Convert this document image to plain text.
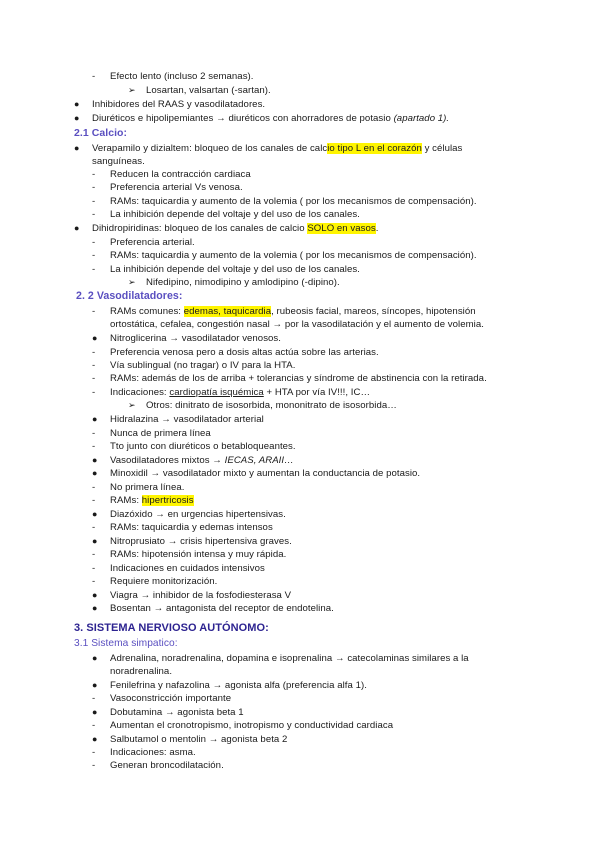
- Efecto lento (incluso 2 semanas).
➢ Losartan, valsartan (-sartan).
● Inhibidores del RAAS y vasodilatadores.
● Diuréticos e hipolipemiantes → diuréticos con ahorradores de potasio (apartado 1).
2.1 Calcio:
● Verapamilo y dizialtem: bloqueo de los canales de calcio tipo L en el corazón y células
sanguíneas.
- Reducen la contracción cardiaca
- Preferencia arterial Vs venosa.
- RAMs: taquicardia y aumento de la volemia ( por los mecanismos de compensación).
- La inhibición depende del voltaje y del uso de los canales.
● Dihidropiridinas: bloqueo de los canales de calcio SOLO en vasos.
- Preferencia arterial.
- RAMs: taquicardia y aumento de la volemia ( por los mecanismos de compensación).
- La inhibición depende del voltaje y del uso de los canales.
➢ Nifedipino, nimodipino y amlodipino (-dipino).
2. 2 Vasodilatadores:
- RAMs comunes: edemas, taquicardia, rubeosis facial, mareos, síncopes, hipotensión
ortostática, cefalea, congestión nasal → por la vasodilatación y el aumento de volemia.
● Nitroglicerina → vasodilatador venosos.
- Preferencia venosa pero a dosis altas actúa sobre las arterias.
- Vía sublingual (no tragar) o IV para la HTA.
- RAMs: además de los de arriba + tolerancias y síndrome de abstinencia con la retirada.
- Indicaciones: cardiopatía isquémica + HTA por vía IV!!!, IC…
➢ Otros: dinitrato de isosorbida, mononitrato de isosorbida…
● Hidralazina → vasodilatador arterial
- Nunca de primera línea
- Tto junto con diuréticos o betabloqueantes.
● Vasodilatadores mixtos → IECAS, ARAII…
● Minoxidil → vasodilatador mixto y aumentan la conductancia de potasio.
- No primera línea.
- RAMs: hipertricosis
● Diazóxido → en urgencias hipertensivas.
- RAMs: taquicardia y edemas intensos
● Nitroprusiato → crisis hipertensiva graves.
- RAMs: hipotensión intensa y muy rápida.
- Indicaciones en cuidados intensivos
- Requiere monitorización.
● Viagra → inhibidor de la fosfodiesterasa V
● Bosentan → antagonista del receptor de endotelina.
3. SISTEMA NERVIOSO AUTÓNOMO:
3.1 Sistema simpatico:
● Adrenalina, noradrenalina, dopamina e isoprenalina → catecolaminas similares a la
noradrenalina.
● Fenilefrina y nafazolina → agonista alfa (preferencia alfa 1).
- Vasoconstricción importante
● Dobutamina → agonista beta 1
- Aumentan el cronotropismo, inotropismo y conductividad cardiaca
● Salbutamol o mentolin → agonista beta 2
- Indicaciones: asma.
- Generan broncodilatación.
